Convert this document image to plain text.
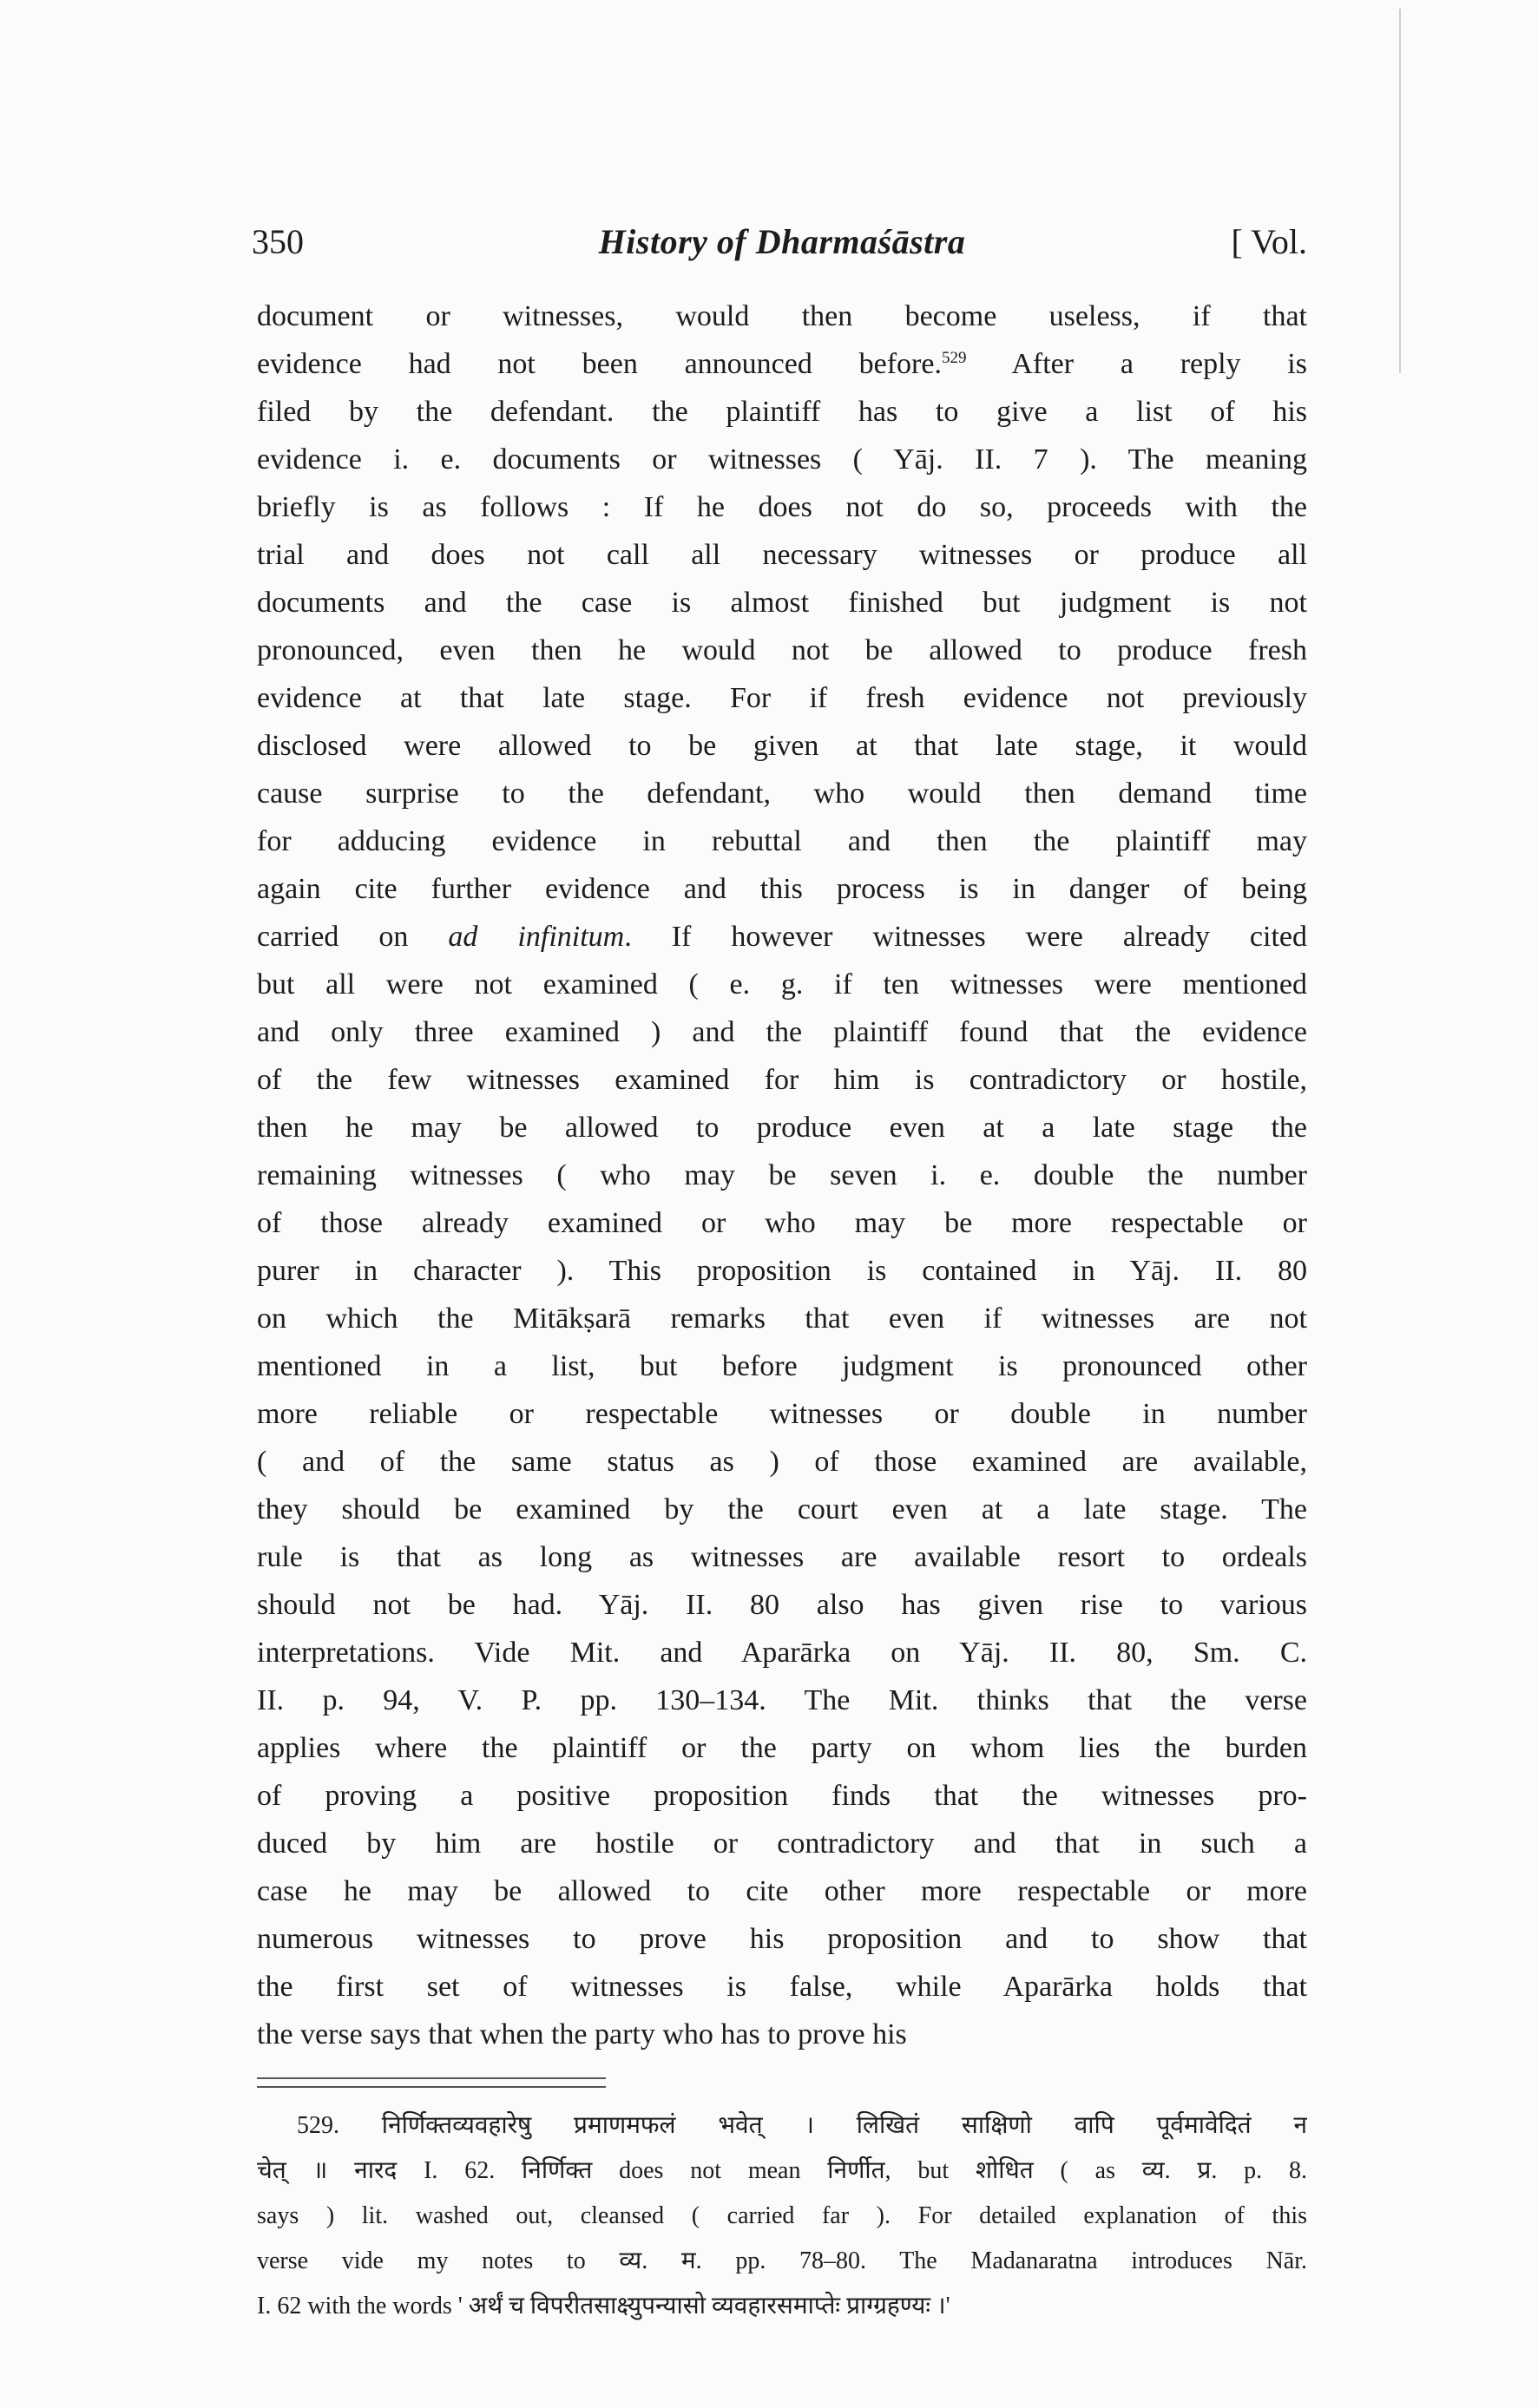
350	History of Dharmaśāstra	[ Vol.
document or witnesses, would then become useless, if that
evidence had not been announced before.$^{529}$ After a reply is
filed by the defendant. the plaintiff has to give a list of his
evidence i. e. documents or witnesses ( Yāj. II. 7 ). The meaning
briefly is as follows : If he does not do so, proceeds with the
trial and does not call all necessary witnesses or produce all
documents and the case is almost finished but judgment is not
pronounced, even then he would not be allowed to produce fresh
evidence at that late stage. For if fresh evidence not previously
disclosed were allowed to be given at that late stage, it would
cause surprise to the defendant, who would then demand time
for adducing evidence in rebuttal and then the plaintiff may
again cite further evidence and this process is in danger of being
carried on ad infinitum. If however witnesses were already cited
but all were not examined ( e. g. if ten witnesses were mentioned
and only three examined ) and the plaintiff found that the evidence
of the few witnesses examined for him is contradictory or hostile,
then he may be allowed to produce even at a late stage the
remaining witnesses ( who may be seven i. e. double the number
of those already examined or who may be more respectable or
purer in character ). This proposition is contained in Yāj. II. 80
on which the Mitākṣarā remarks that even if witnesses are not
mentioned in a list, but before judgment is pronounced other
more reliable or respectable witnesses or double in number
( and of the same status as ) of those examined are available,
they should be examined by the court even at a late stage. The
rule is that as long as witnesses are available resort to ordeals
should not be had. Yāj. II. 80 also has given rise to various
interpretations. Vide Mit. and Aparārka on Yāj. II. 80, Sm. C.
II. p. 94, V. P. pp. 130–134. The Mit. thinks that the verse
applies where the plaintiff or the party on whom lies the burden
of proving a positive proposition finds that the witnesses pro-
duced by him are hostile or contradictory and that in such a
case he may be allowed to cite other more respectable or more
numerous witnesses to prove his proposition and to show that
the first set of witnesses is false, while Aparārka holds that
the verse says that when the party who has to prove his
529. निर्णिक्तव्यवहारेषु प्रमाणमफलं भवेत् । लिखितं साक्षिणो वापि पूर्वमावेदितं न
चेत् ॥ नारद I. 62. निर्णिक्त does not mean निर्णीत, but शोधित ( as व्य. प्र. p. 8.
says ) lit. washed out, cleansed ( carried far ). For detailed explanation of this
verse vide my notes to व्य. म. pp. 78–80. The Madanaratna introduces Nār.
I. 62 with the words ' अर्थं च विपरीतसाक्ष्युपन्यासो व्यवहारसमाप्तेः प्राग्ग्रहण्यः ।'
